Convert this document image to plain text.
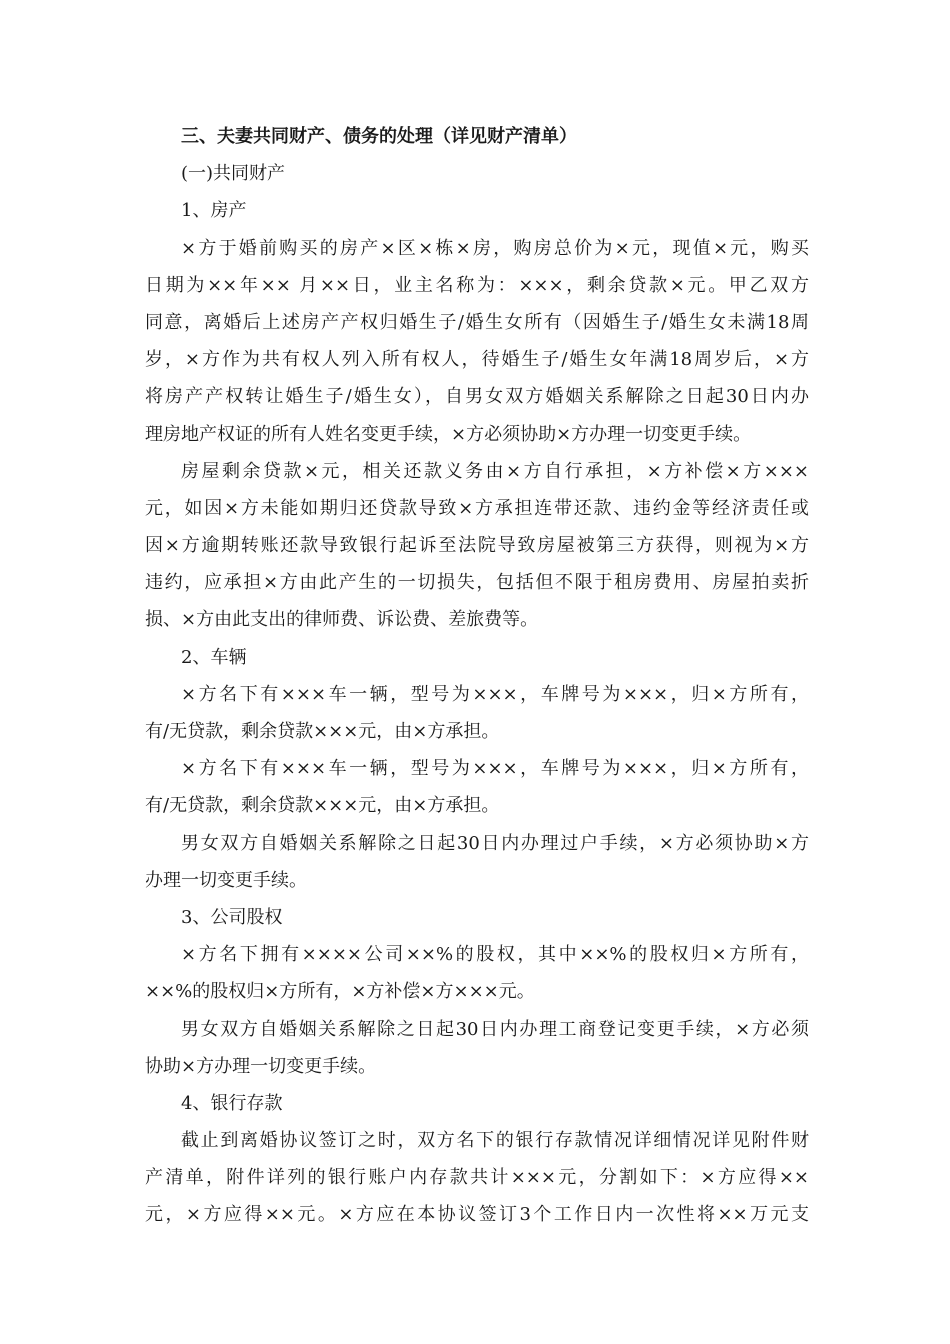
三、夫妻共同财产、债务的处理（详见财产清单）
(一)共同财产
1、房产
×方于婚前购买的房产×区×栋×房，购房总价为×元，现值×元，购买
日期为××年×× 月××日，业主名称为：×××，剩余贷款×元。甲乙双方
同意，离婚后上述房产产权归婚生子/婚生女所有（因婚生子/婚生女未满18周
岁，×方作为共有权人列入所有权人，待婚生子/婚生女年满18周岁后，×方
将房产产权转让婚生子/婚生女），自男女双方婚姻关系解除之日起30日内办
理房地产权证的所有人姓名变更手续，×方必须协助×方办理一切变更手续。
房屋剩余贷款×元，相关还款义务由×方自行承担，×方补偿×方×××
元，如因×方未能如期归还贷款导致×方承担连带还款、违约金等经济责任或
因×方逾期转账还款导致银行起诉至法院导致房屋被第三方获得，则视为×方
违约，应承担×方由此产生的一切损失，包括但不限于租房费用、房屋拍卖折
损、×方由此支出的律师费、诉讼费、差旅费等。
2、车辆
×方名下有×××车一辆，型号为×××，车牌号为×××，归×方所有，
有/无贷款，剩余贷款×××元，由×方承担。
×方名下有×××车一辆，型号为×××，车牌号为×××，归×方所有，
有/无贷款，剩余贷款×××元，由×方承担。
男女双方自婚姻关系解除之日起30日内办理过户手续，×方必须协助×方
办理一切变更手续。
3、公司股权
×方名下拥有××××公司××%的股权，其中××%的股权归×方所有，
××%的股权归×方所有，×方补偿×方×××元。
男女双方自婚姻关系解除之日起30日内办理工商登记变更手续，×方必须
协助×方办理一切变更手续。
4、银行存款
截止到离婚协议签订之时，双方名下的银行存款情况详细情况详见附件财
产清单，附件详列的银行账户内存款共计×××元，分割如下：×方应得××
元，×方应得××元。×方应在本协议签订3个工作日内一次性将××万元支
